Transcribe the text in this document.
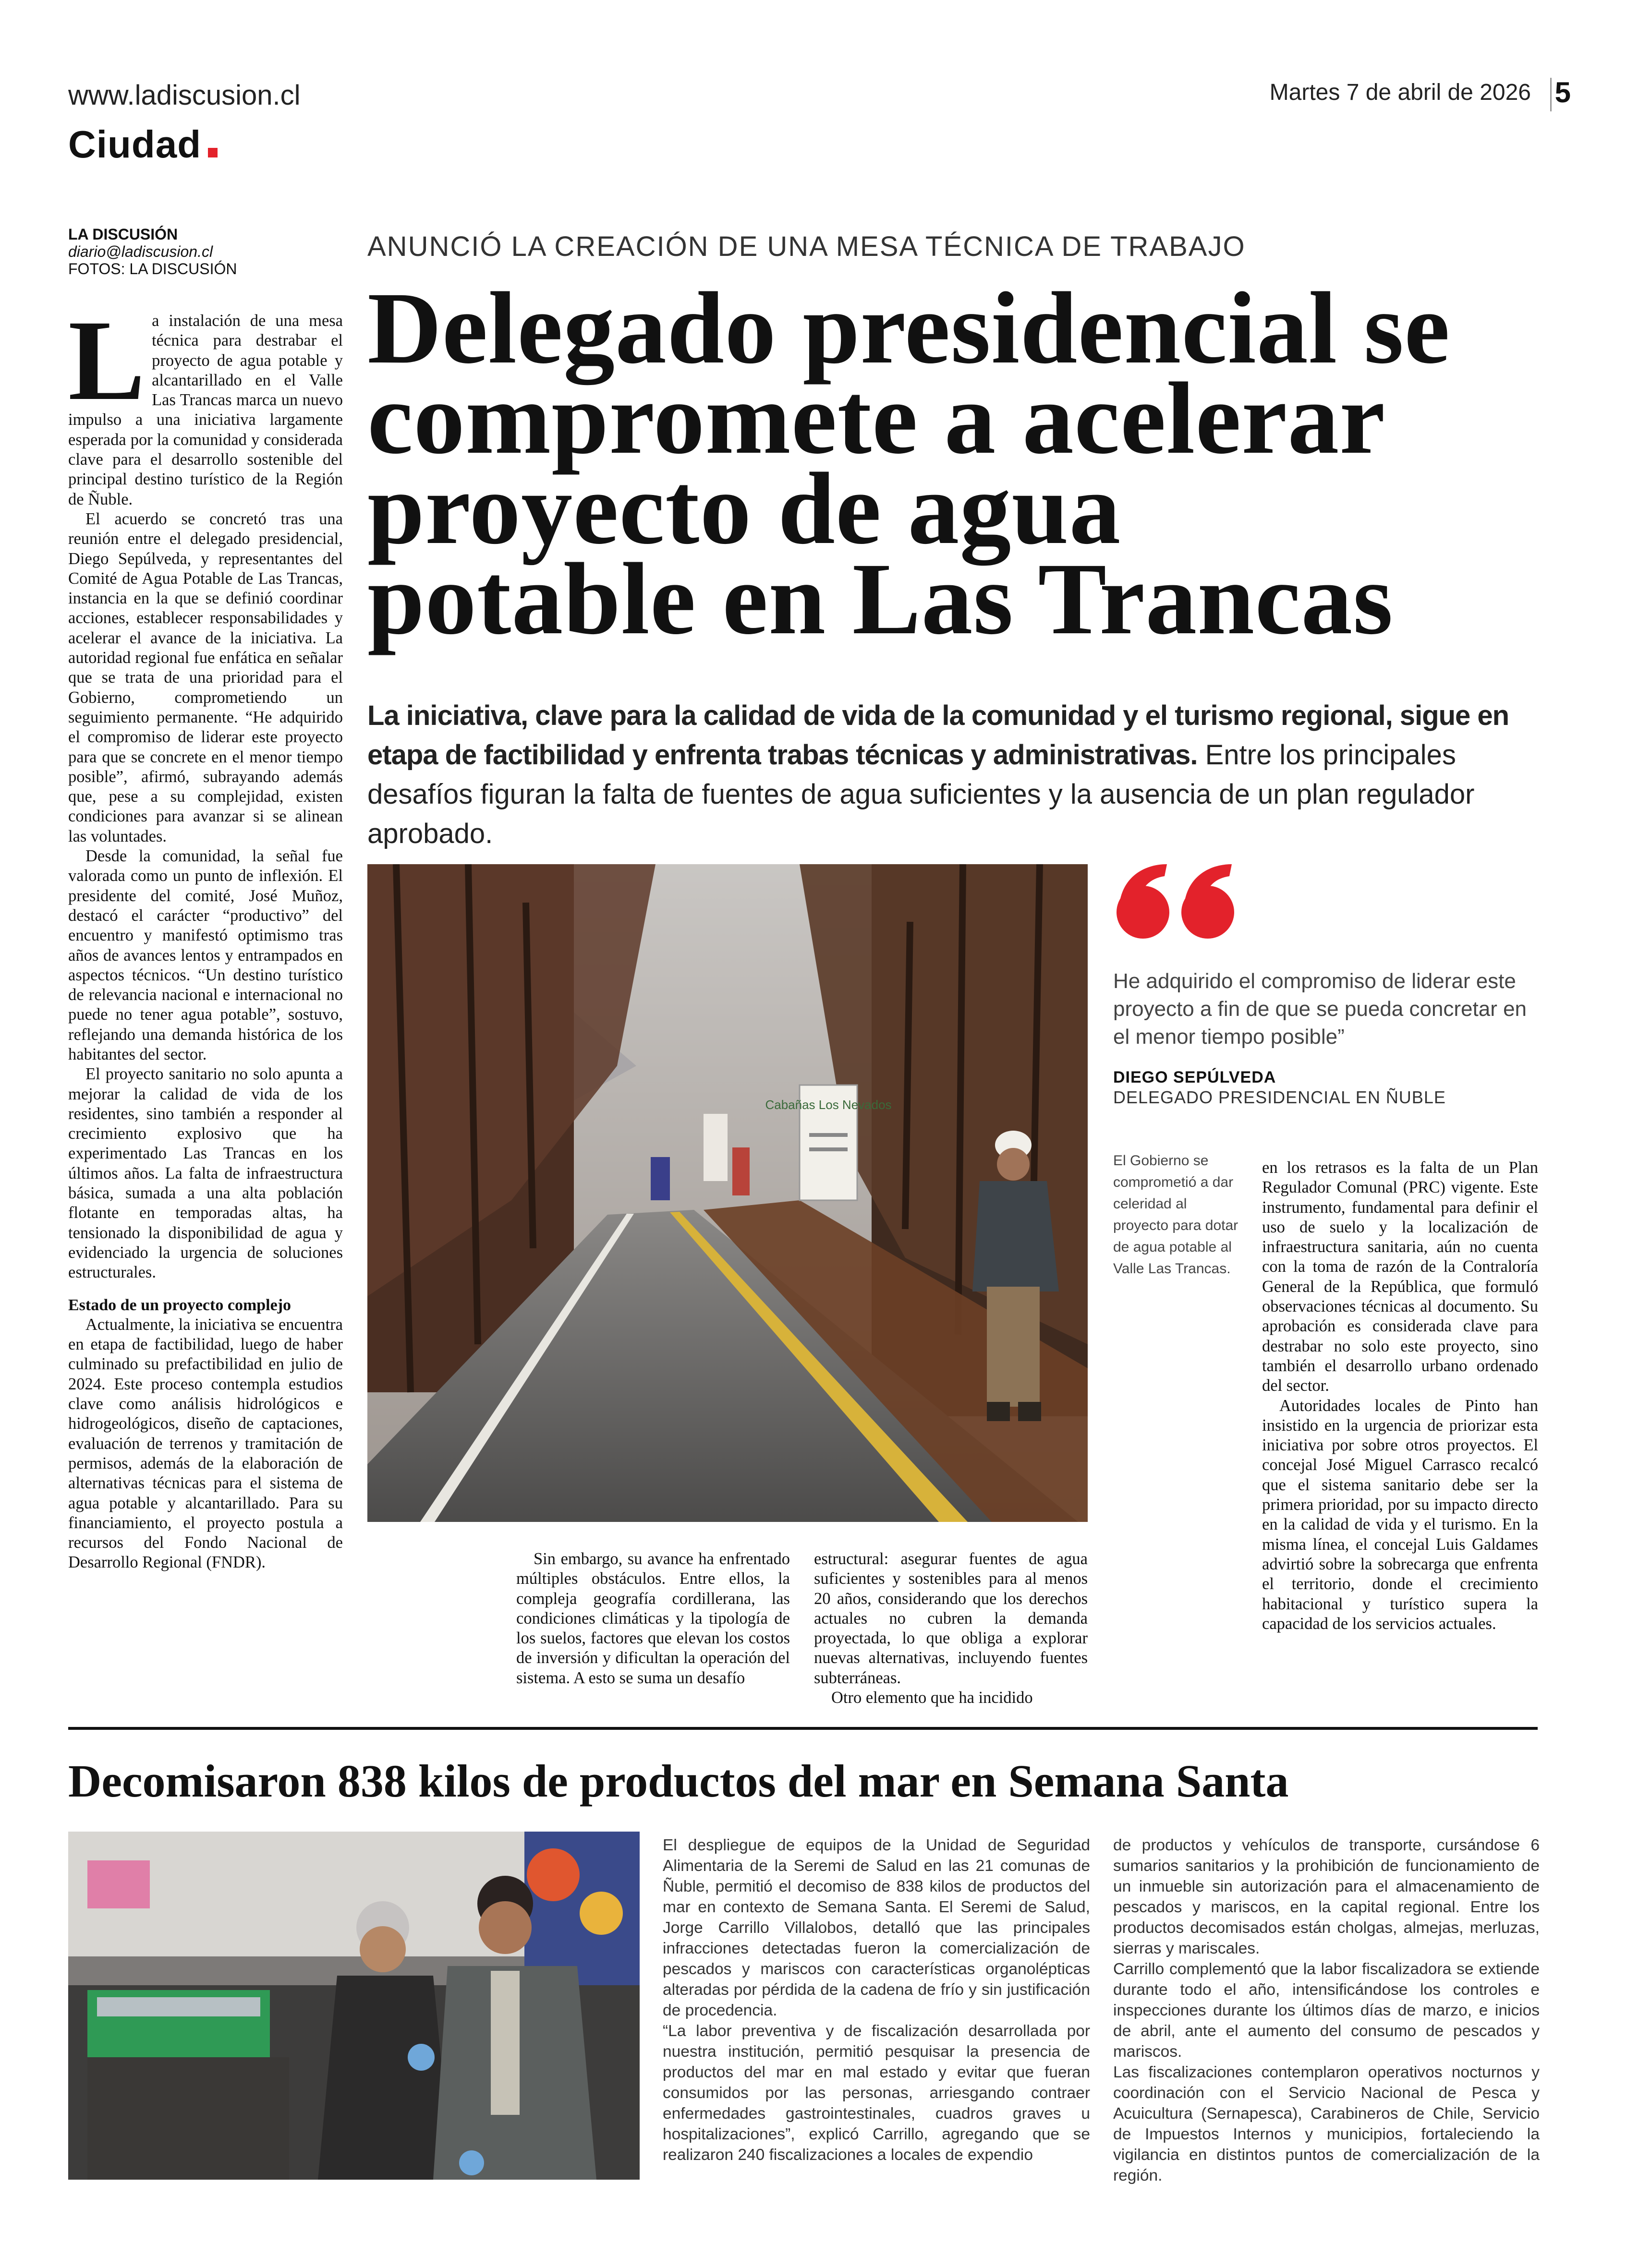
www.ladiscusion.cl	Martes 7 de abril de 2026 5
Ciudad
LA DISCUSIÓN
diario@ladiscusion.cl
FOTOS: LA DISCUSIÓN
ANUNCIÓ LA CREACIÓN DE UNA MESA TÉCNICA DE TRABAJO
Delegado presidencial se
compromete a acelerar
proyecto de agua
potable en Las Trancas
La iniciativa, clave para la calidad de vida de la comunidad y el turismo regional, sigue en etapa de factibilidad y enfrenta trabas técnicas y administrativas. Entre los principales desafíos figuran la falta de fuentes de agua suficientes y la ausencia de un plan regulador aprobado.
L a instalación de una mesa técnica para destrabar el proyecto de agua potable y alcantarillado en el Valle Las Trancas marca un nuevo impulso a una iniciativa largamente esperada por la comunidad y considerada clave para el desarrollo sostenible del principal destino turístico de la Región de Ñuble.

El acuerdo se concretó tras una reunión entre el delegado presidencial, Diego Sepúlveda, y representantes del Comité de Agua Potable de Las Trancas, instancia en la que se definió coordinar acciones, establecer responsabilidades y acelerar el avance de la iniciativa. La autoridad regional fue enfática en señalar que se trata de una prioridad para el Gobierno, comprometiendo un seguimiento permanente. “He adquirido el compromiso de liderar este proyecto para que se concrete en el menor tiempo posible”, afirmó, subrayando además que, pese a su complejidad, existen condiciones para avanzar si se alinean las voluntades.

Desde la comunidad, la señal fue valorada como un punto de inflexión. El presidente del comité, José Muñoz, destacó el carácter “productivo” del encuentro y manifestó optimismo tras años de avances lentos y entrampados en aspectos técnicos. “Un destino turístico de relevancia nacional e internacional no puede no tener agua potable”, sostuvo, reflejando una demanda histórica de los habitantes del sector.

El proyecto sanitario no solo apunta a mejorar la calidad de vida de los residentes, sino también a responder al crecimiento explosivo que ha experimentado Las Trancas en los últimos años. La falta de infraestructura básica, sumada a una alta población flotante en temporadas altas, ha tensionado la disponibilidad de agua y evidenciado la urgencia de soluciones estructurales.

Estado de un proyecto complejo

Actualmente, la iniciativa se encuentra en etapa de factibilidad, luego de haber culminado su prefactibilidad en julio de 2024. Este proceso contempla estudios clave como análisis hidrológicos e hidrogeológicos, diseño de captaciones, evaluación de terrenos y tramitación de permisos, además de la elaboración de alternativas técnicas para el sistema de agua potable y alcantarillado. Para su financiamiento, el proyecto postula a recursos del Fondo Nacional de Desarrollo Regional (FNDR).

Cabañas Los Nevados
He adquirido el compromiso de liderar este proyecto a fin de que se pueda concretar en el menor tiempo posible”
DIEGO SEPÚLVEDA
DELEGADO PRESIDENCIAL EN ÑUBLE
El Gobierno se comprometió a dar celeridad al proyecto para dotar de agua potable al Valle Las Trancas.

Sin embargo, su avance ha enfrentado múltiples obstáculos. Entre ellos, la compleja geografía cordillerana, las condiciones climáticas y la tipología de los suelos, factores que elevan los costos de inversión y dificultan la operación del sistema. A esto se suma un desafío

estructural: asegurar fuentes de agua suficientes y sostenibles para al menos 20 años, considerando que los derechos actuales no cubren la demanda proyectada, lo que obliga a explorar nuevas alternativas, incluyendo fuentes subterráneas.

Otro elemento que ha incidido

en los retrasos es la falta de un Plan Regulador Comunal (PRC) vigente. Este instrumento, fundamental para definir el uso de suelo y la localización de infraestructura sanitaria, aún no cuenta con la toma de razón de la Contraloría General de la República, que formuló observaciones técnicas al documento. Su aprobación es considerada clave para destrabar no solo este proyecto, sino también el desarrollo urbano ordenado del sector.

Autoridades locales de Pinto han insistido en la urgencia de priorizar esta iniciativa por sobre otros proyectos. El concejal José Miguel Carrasco recalcó que el sistema sanitario debe ser la primera prioridad, por su impacto directo en la calidad de vida y el turismo. En la misma línea, el concejal Luis Galdames advirtió sobre la sobrecarga que enfrenta el territorio, donde el crecimiento habitacional y turístico supera la capacidad de los servicios actuales.

Decomisaron 838 kilos de productos del mar en Semana Santa

El despliegue de equipos de la Unidad de Seguridad Alimentaria de la Seremi de Salud en las 21 comunas de Ñuble, permitió el decomiso de 838 kilos de productos del mar en contexto de Semana Santa. El Seremi de Salud, Jorge Carrillo Villalobos, detalló que las principales infracciones detectadas fueron la comercialización de pescados y mariscos con características organolépticas alteradas por pérdida de la cadena de frío y sin justificación de procedencia.

“La labor preventiva y de fiscalización desarrollada por nuestra institución, permitió pesquisar la presencia de productos del mar en mal estado y evitar que fueran consumidos por las personas, arriesgando contraer enfermedades gastrointestinales, cuadros graves u hospitalizaciones”, explicó Carrillo, agregando que se realizaron 240 fiscalizaciones a locales de expendio

de productos y vehículos de transporte, cursándose 6 sumarios sanitarios y la prohibición de funcionamiento de un inmueble sin autorización para el almacenamiento de pescados y mariscos, en la capital regional. Entre los productos decomisados están cholgas, almejas, merluzas, sierras y mariscales.

Carrillo complementó que la labor fiscalizadora se extiende durante todo el año, intensificándose los controles e inspecciones durante los últimos días de marzo, e inicios de abril, ante el aumento del consumo de pescados y mariscos.

Las fiscalizaciones contemplaron operativos nocturnos y coordinación con el Servicio Nacional de Pesca y Acuicultura (Sernapesca), Carabineros de Chile, Servicio de Impuestos Internos y municipios, fortaleciendo la vigilancia en distintos puntos de comercialización de la región.
